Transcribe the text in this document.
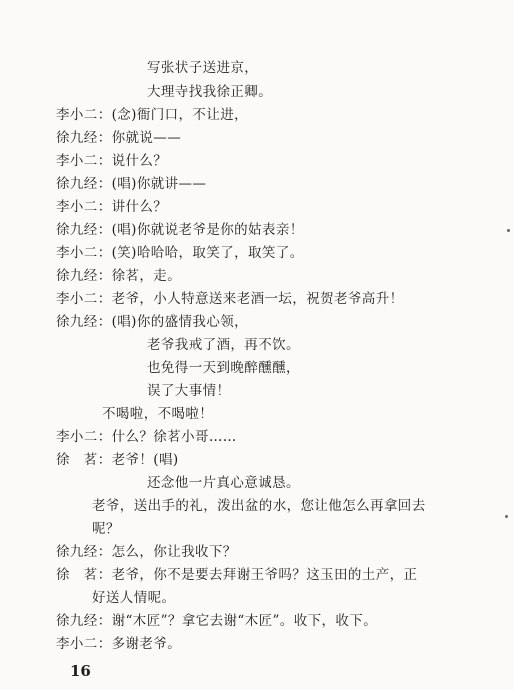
写张状子送进京，
大理寺找我徐正卿。
李小二：(念)衙门口，不让进，
徐九经：你就说——
李小二：说什么？
徐九经：(唱)你就讲——
李小二：讲什么？
徐九经：(唱)你就说老爷是你的姑表亲！
李小二：(笑)哈哈哈，取笑了，取笑了。
徐九经：徐茗，走。
李小二：老爷，小人特意送来老酒一坛，祝贺老爷高升！
徐九经：(唱)你的盛情我心领，
老爷我戒了酒，再不饮。
也免得一天到晚醉醺醺，
误了大事情！
不喝啦，不喝啦！
李小二：什么？徐茗小哥……
徐　茗：老爷！(唱)
还念他一片真心意诚恳。
老爷，送出手的礼，泼出盆的水，您让他怎么再拿回去
呢？
徐九经：怎么，你让我收下？
徐　茗：老爷，你不是要去拜谢王爷吗？这玉田的土产，正
好送人情呢。
徐九经：谢“木匠”？拿它去谢“木匠”。收下，收下。
李小二：多谢老爷。
16
